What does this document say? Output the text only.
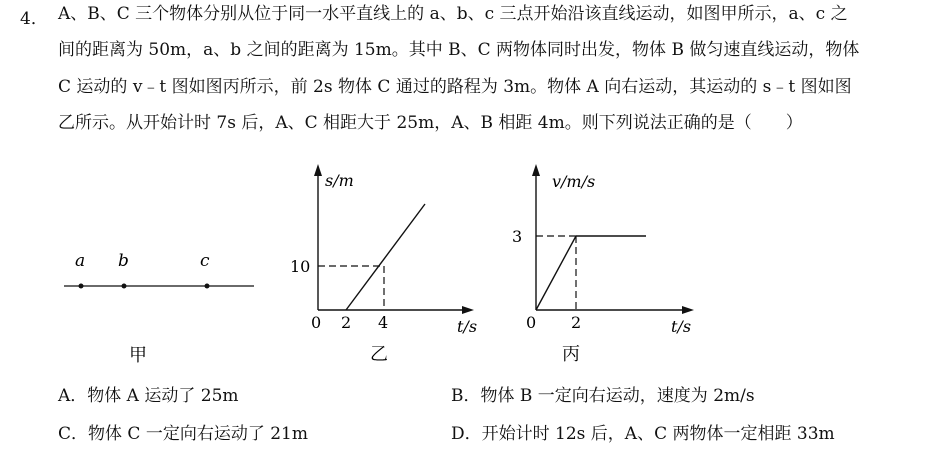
4． A、B、C 三个物体分别从位于同一水平直线上的 a、b、c 三点开始沿该直线运动，如图甲所示，a、c 之
间的距离为 50m，a、b 之间的距离为 15m。其中 B、C 两物体同时出发，物体 B 做匀速直线运动，物体
C 运动的 v﹣t 图如图丙所示，前 2s 物体 C 通过的路程为 3m。物体 A 向右运动，其运动的 s﹣t 图如图
乙所示。从开始计时 7s 后，A、C 相距大于 25m，A、B 相距 4m。则下列说法正确的是（　　）
a b	c
甲
s/m
t/s
0 2 4
10
乙
v/m/s
t/s
0 2
3
丙
A．物体 A 运动了 25m	B．物体 B 一定向右运动，速度为 2m/s
C．物体 C 一定向右运动了 21m	D．开始计时 12s 后，A、C 两物体一定相距 33m
